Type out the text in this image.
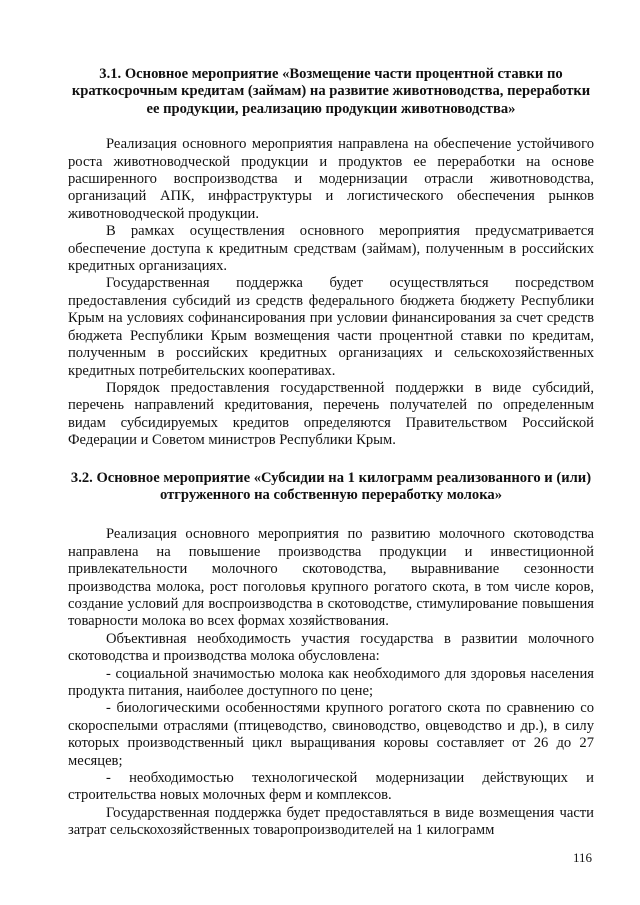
3.1. Основное мероприятие «Возмещение части процентной ставки по краткосрочным кредитам (займам) на развитие животноводства, переработки ее продукции, реализацию продукции животноводства»

Реализация основного мероприятия направлена на обеспечение устойчивого роста животноводческой продукции и продуктов ее переработки на основе расширенного воспроизводства и модернизации отрасли животноводства, организаций АПК, инфраструктуры и логистического обеспечения рынков животноводческой продукции.

В рамках осуществления основного мероприятия предусматривается обеспечение доступа к кредитным средствам (займам), полученным в российских кредитных организациях.

Государственная поддержка будет осуществляться посредством предоставления субсидий из средств федерального бюджета бюджету Республики Крым на условиях софинансирования при условии финансирования за счет средств бюджета Республики Крым возмещения части процентной ставки по кредитам, полученным в российских кредитных организациях и сельскохозяйственных кредитных потребительских кооперативах.

Порядок предоставления государственной поддержки в виде субсидий, перечень направлений кредитования, перечень получателей по определенным видам субсидируемых кредитов определяются Правительством Российской Федерации и Советом министров Республики Крым.

3.2. Основное мероприятие «Субсидии на 1 килограмм реализованного и (или) отгруженного на собственную переработку молока»

Реализация основного мероприятия по развитию молочного скотоводства направлена на повышение производства продукции и инвестиционной привлекательности молочного скотоводства, выравнивание сезонности производства молока, рост поголовья крупного рогатого скота, в том числе коров, создание условий для воспроизводства в скотоводстве, стимулирование повышения товарности молока во всех формах хозяйствования.

Объективная необходимость участия государства в развитии молочного скотоводства и производства молока обусловлена:

- социальной значимостью молока как необходимого для здоровья населения продукта питания, наиболее доступного по цене;

- биологическими особенностями крупного рогатого скота по сравнению со скороспелыми отраслями (птицеводство, свиноводство, овцеводство и др.), в силу которых производственный цикл выращивания коровы составляет от 26 до 27 месяцев;

- необходимостью технологической модернизации действующих и строительства новых молочных ферм и комплексов.

Государственная поддержка будет предоставляться в виде возмещения части затрат сельскохозяйственных товаропроизводителей на 1 килограмм

116
